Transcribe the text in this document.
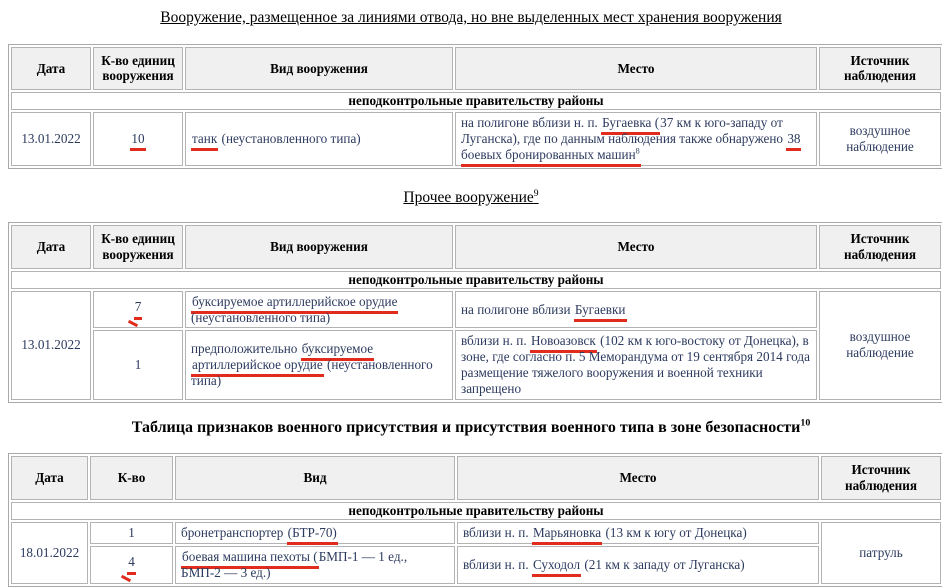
Вооружение, размещенное за линиями отвода, но вне выделенных мест хранения вооружения
Дата	К-во единиц вооружения	Вид вооружения	Место	Источник наблюдения
неподконтрольные правительству районы				
13.01.2022	10	танк (неустановленного типа)	на полигоне вблизи н. п. Бугаевка (37 км к юго-западу от Луганска), где по данным наблюдения также обнаружено 38 боевых бронированных машин$^8$	воздушное наблюдение
Прочее вооружение$^9$
Дата	К-во единиц вооружения	Вид вооружения	Место	Источник наблюдения
неподконтрольные правительству районы				
13.01.2022	7	буксируемое артиллерийское орудие (неустановленного типа)	на полигоне вблизи Бугаевки	воздушное наблюдение
	1	предположительно буксируемое артиллерийское орудие (неустановленного типа)	вблизи н. п. Новоазовск (102 км к юго-востоку от Донецка), в зоне, где согласно п. 5 Меморандума от 19 сентября 2014 года размещение тяжелого вооружения и военной техники запрещено	
Таблица признаков военного присутствия и присутствия военного типа в зоне безопасности$^{10}$
Дата	К-во	Вид	Место	Источник наблюдения
неподконтрольные правительству районы				
18.01.2022	1	бронетранспортер (БТР-70)	вблизи н. п. Марьяновка (13 км к югу от Донецка)	патруль
	4	боевая машина пехоты (БМП-1 — 1 ед.,
БМП-2 — 3 ед.)	вблизи н. п. Суходол (21 км к западу от Луганска)	
